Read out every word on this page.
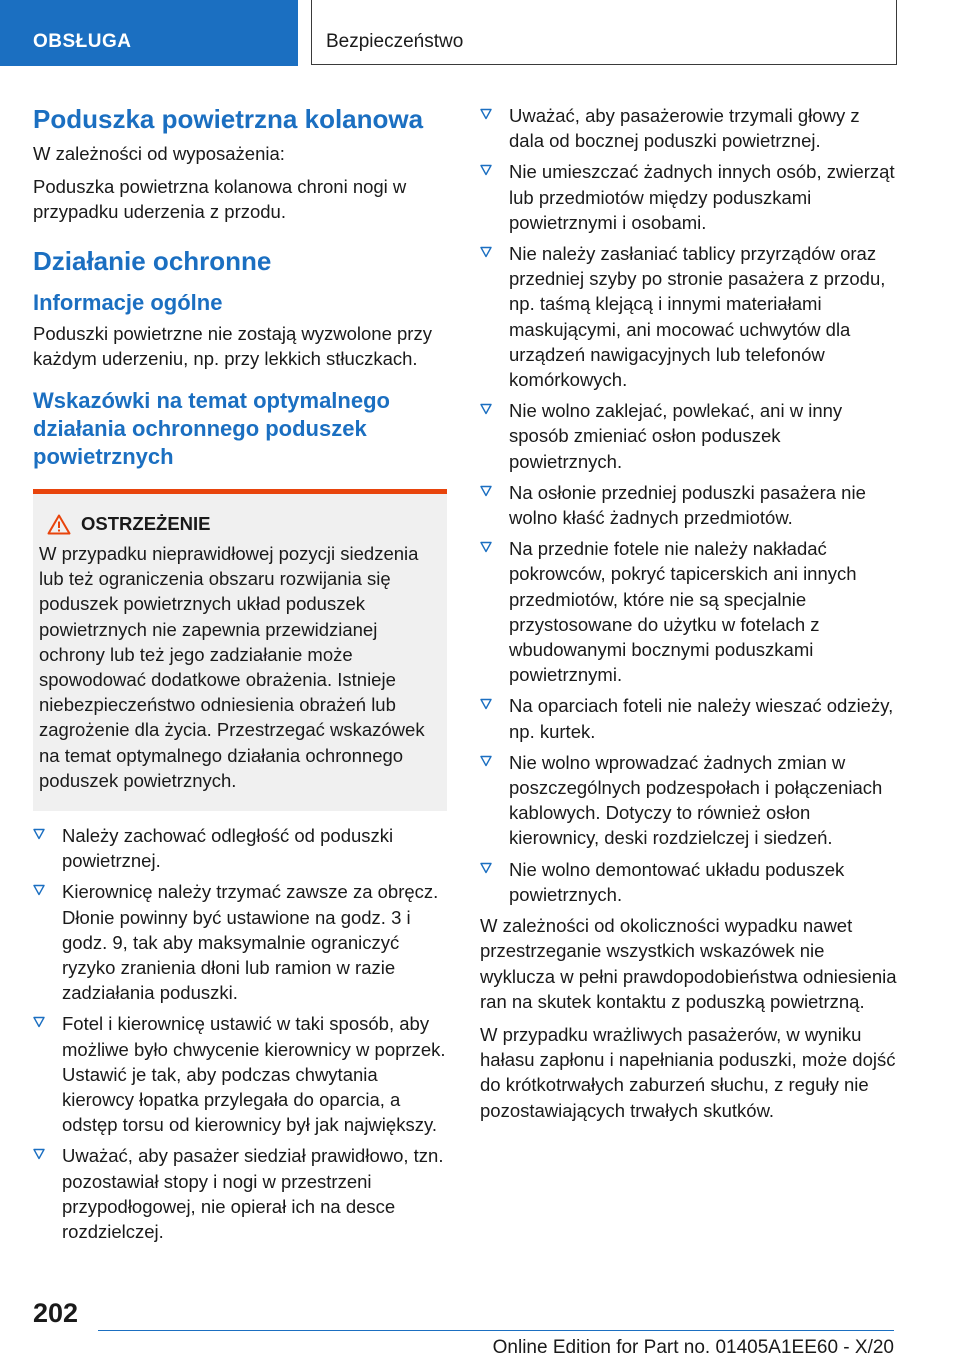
OBSŁUGA	Bezpieczeństwo
Poduszka powietrzna kolanowa

W zależności od wyposażenia:

Poduszka powietrzna kolanowa chroni nogi w przypadku uderzenia z przodu.

Działanie ochronne
Informacje ogólne

Poduszki powietrzne nie zostają wyzwolone przy każdym uderzeniu, np. przy lekkich stłuczkach.

Wskazówki na temat optymalnego działania ochronnego poduszek powietrznych
OSTRZEŻENIE

W przypadku nieprawidłowej pozycji siedzenia lub też ograniczenia obszaru rozwijania się poduszek powietrznych układ poduszek powietrznych nie zapewnia przewidzianej ochrony lub też jego zadziałanie może spowodować dodatkowe obrażenia. Istnieje niebezpieczeństwo odniesienia obrażeń lub zagrożenie dla życia. Przestrzegać wskazówek na temat optymalnego działania ochronnego poduszek powietrznych.

Należy zachować odległość od poduszki powietrznej.
Kierownicę należy trzymać zawsze za obręcz. Dłonie powinny być ustawione na godz. 3 i godz. 9, tak aby maksymalnie ograniczyć ryzyko zranienia dłoni lub ramion w razie zadziałania poduszki.
Fotel i kierownicę ustawić w taki sposób, aby możliwe było chwycenie kierownicy w poprzek. Ustawić je tak, aby podczas chwytania kierowcy łopatka przylegała do oparcia, a odstęp torsu od kierownicy był jak największy.
Uważać, aby pasażer siedział prawidłowo, tzn. pozostawiał stopy i nogi w przestrzeni przypodłogowej, nie opierał ich na desce rozdzielczej.
Uważać, aby pasażerowie trzymali głowy z dala od bocznej poduszki powietrznej.
Nie umieszczać żadnych innych osób, zwierząt lub przedmiotów między poduszkami powietrznymi i osobami.
Nie należy zasłaniać tablicy przyrządów oraz przedniej szyby po stronie pasażera z przodu, np. taśmą klejącą i innymi materiałami maskującymi, ani mocować uchwytów dla urządzeń nawigacyjnych lub telefonów komórkowych.
Nie wolno zaklejać, powlekać, ani w inny sposób zmieniać osłon poduszek powietrznych.
Na osłonie przedniej poduszki pasażera nie wolno kłaść żadnych przedmiotów.
Na przednie fotele nie należy nakładać pokrowców, pokryć tapicerskich ani innych przedmiotów, które nie są specjalnie przystosowane do użytku w fotelach z wbudowanymi bocznymi poduszkami powietrznymi.
Na oparciach foteli nie należy wieszać odzieży, np. kurtek.
Nie wolno wprowadzać żadnych zmian w poszczególnych podzespołach i połączeniach kablowych. Dotyczy to również osłon kierownicy, deski rozdzielczej i siedzeń.
Nie wolno demontować układu poduszek powietrznych.

W zależności od okoliczności wypadku nawet przestrzeganie wszystkich wskazówek nie wyklucza w pełni prawdopodobieństwa odniesienia ran na skutek kontaktu z poduszką powietrzną.

W przypadku wrażliwych pasażerów, w wyniku hałasu zapłonu i napełniania poduszki, może dojść do krótkotrwałych zaburzeń słuchu, z reguły nie pozostawiających trwałych skutków.

202
Online Edition for Part no. 01405A1EE60 - X/20
